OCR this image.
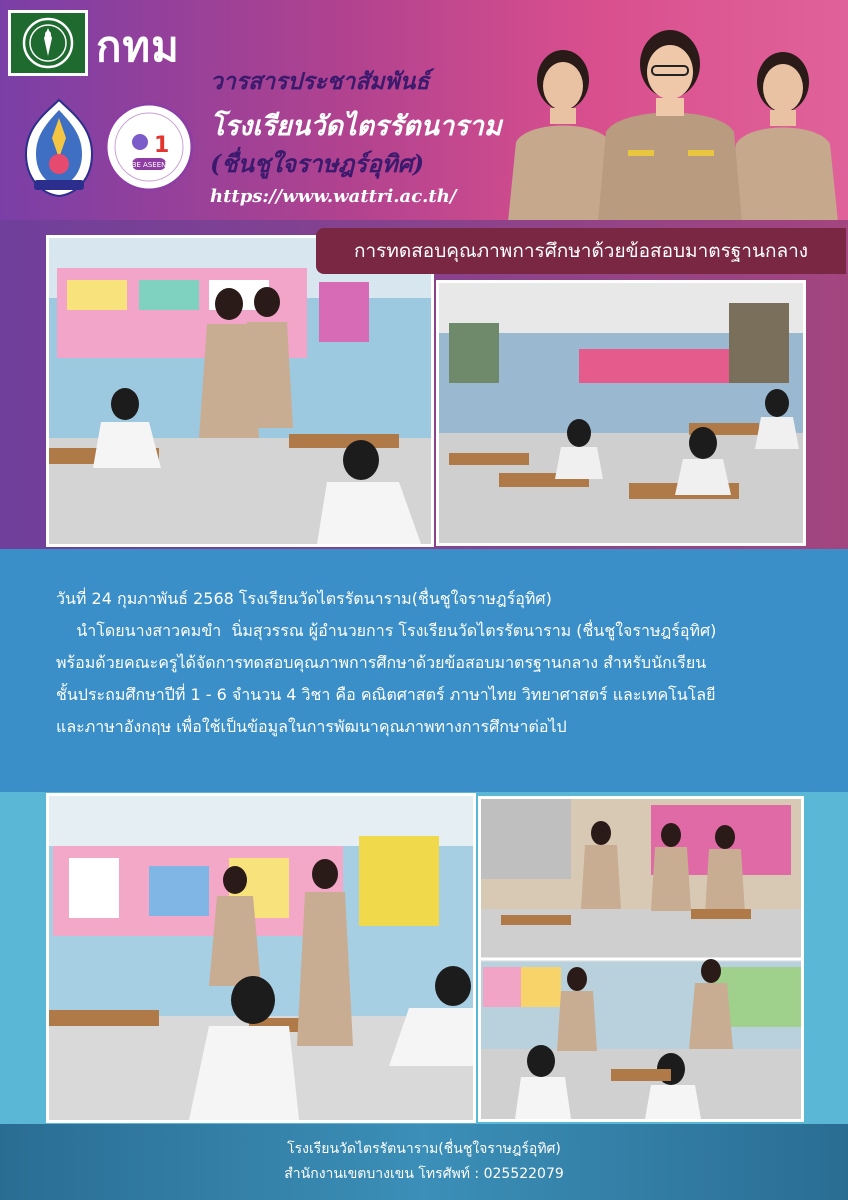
กทม
1
BE ASEEN
วารสารประชาสัมพันธ์
โรงเรียนวัดไตรรัตนาราม
(ชื่นชูใจราษฎร์อุทิศ)
https://www.wattri.ac.th/
การทดสอบคุณภาพการศึกษาด้วยข้อสอบมาตรฐานกลาง

วันที่ 24 กุมภาพันธ์ 2568 โรงเรียนวัดไตรรัตนาราม(ชื่นชูใจราษฎร์อุทิศ)

นำโดยนางสาวคมขำ  นิ่มสุวรรณ ผู้อำนวยการ โรงเรียนวัดไตรรัตนาราม (ชื่นชูใจราษฎร์อุทิศ)

พร้อมด้วยคณะครูได้จัดการทดสอบคุณภาพการศึกษาด้วยข้อสอบมาตรฐานกลาง สำหรับนักเรียน

ชั้นประถมศึกษาปีที่ 1 - 6 จำนวน 4 วิชา คือ คณิตศาสตร์ ภาษาไทย วิทยาศาสตร์ และเทคโนโลยี

และภาษาอังกฤษ เพื่อใช้เป็นข้อมูลในการพัฒนาคุณภาพทางการศึกษาต่อไป

โรงเรียนวัดไตรรัตนาราม(ชื่นชูใจราษฎร์อุทิศ)
สำนักงานเขตบางเขน โทรศัพท์ : 025522079
